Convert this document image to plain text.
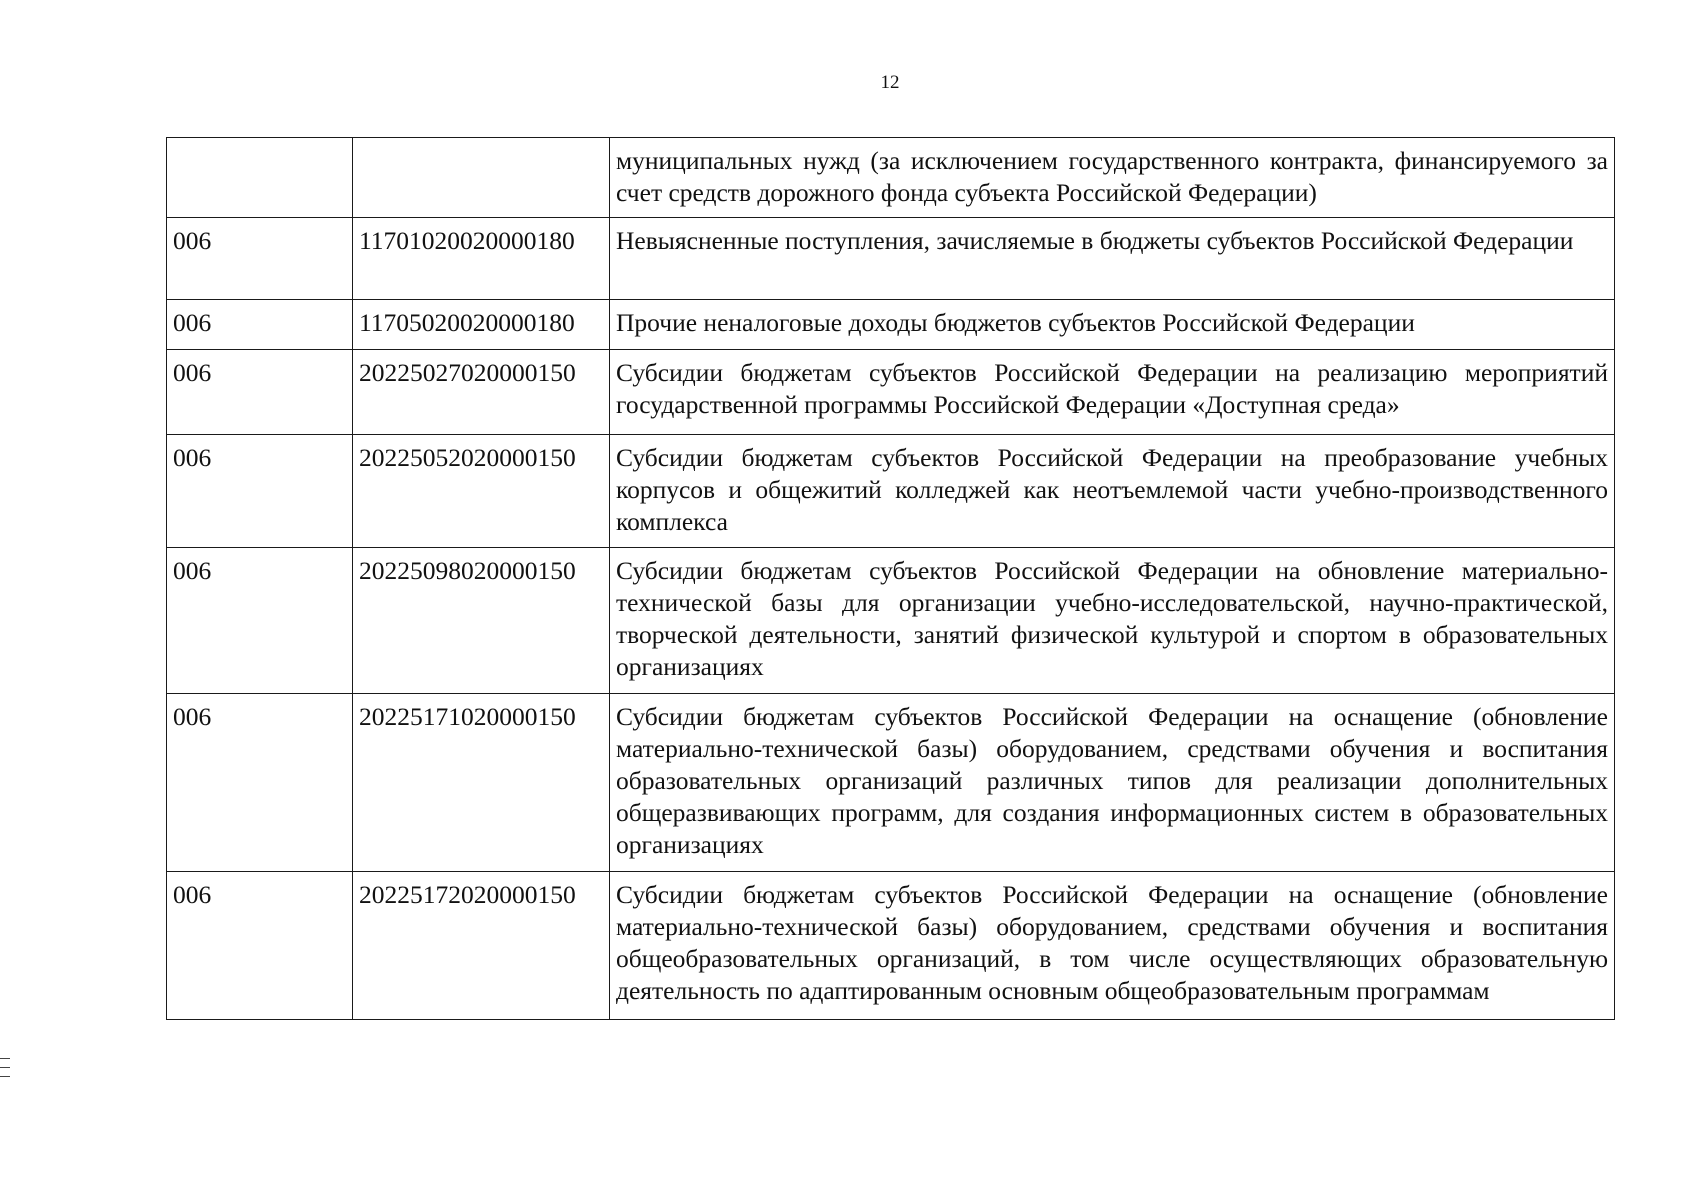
12
		муниципальных нужд (за исключением государственного контракта, финансируемого за счет средств дорожного фонда субъекта Российской Федерации)
006	11701020020000180	Невыясненные поступления, зачисляемые в бюджеты субъектов Российской Федерации
006	11705020020000180	Прочие неналоговые доходы бюджетов субъектов Российской Федерации
006	20225027020000150	Субсидии бюджетам субъектов Российской Федерации на реализацию мероприятий государственной программы Российской Федерации «Доступная среда»
006	20225052020000150	Субсидии бюджетам субъектов Российской Федерации на преобразование учебных корпусов и общежитий колледжей как неотъемлемой части учебно-производственного комплекса
006	20225098020000150	Субсидии бюджетам субъектов Российской Федерации на обновление материально-технической базы для организации учебно-исследовательской, научно-практической, творческой деятельности, занятий физической культурой и спортом в образовательных организациях
006	20225171020000150	Субсидии бюджетам субъектов Российской Федерации на оснащение (обновление материально-технической базы) оборудованием, средствами обучения и воспитания образовательных организаций различных типов для реализации дополнительных общеразвивающих программ, для создания информационных систем в образовательных организациях
006	20225172020000150	Субсидии бюджетам субъектов Российской Федерации на оснащение (обновление материально-технической базы) оборудованием, средствами обучения и воспитания общеобразовательных организаций, в том числе осуществляющих образовательную деятельность по адаптированным основным общеобразовательным программам
